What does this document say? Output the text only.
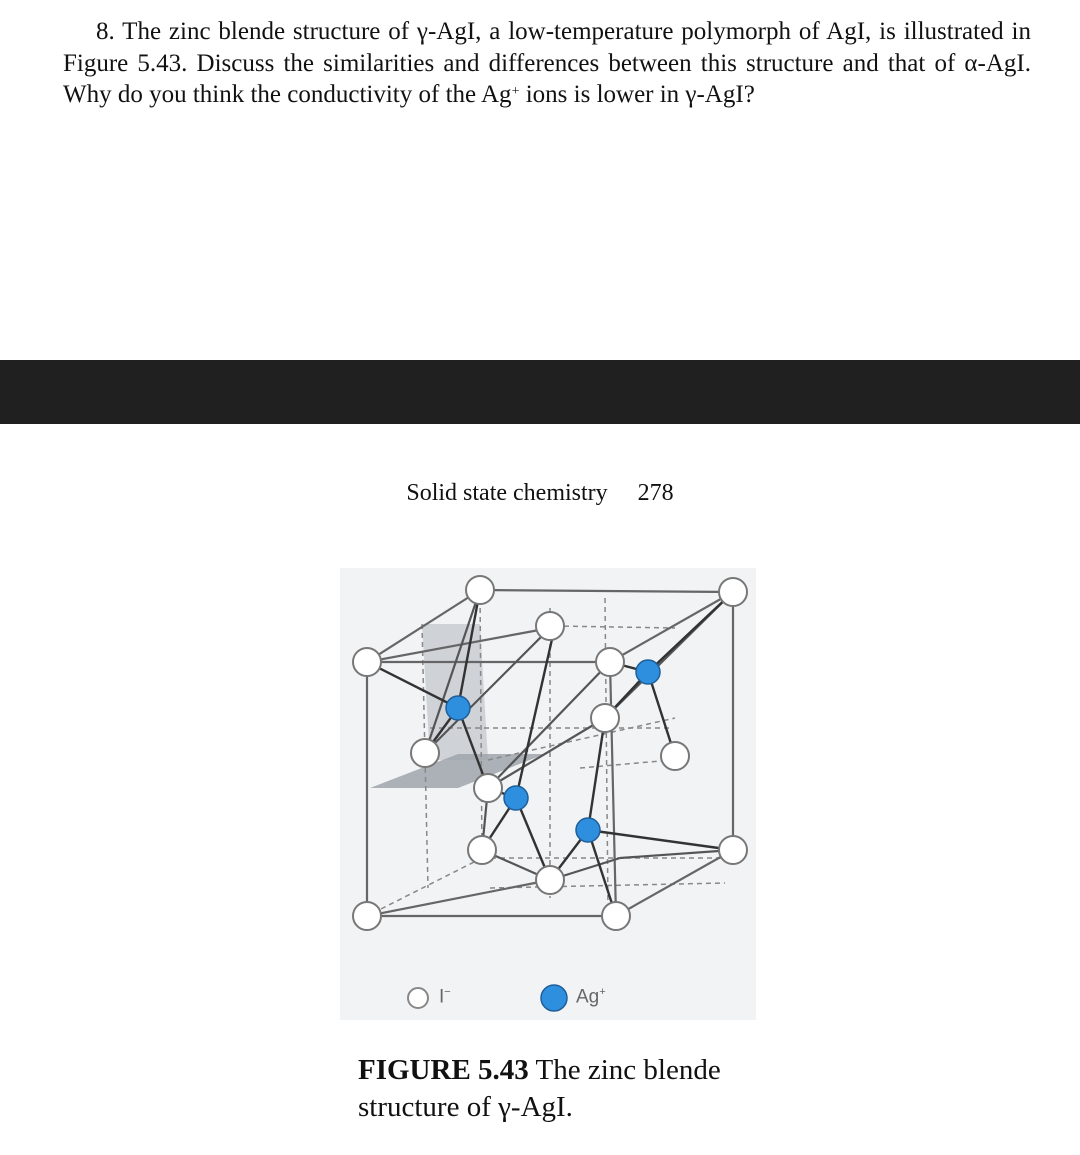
8. The zinc blende structure of γ-AgI, a low-temperature polymorph of AgI, is illustrated in Figure 5.43. Discuss the similarities and differences between this structure and that of α-AgI. Why do you think the conductivity of the Ag+ ions is lower in γ-AgI?
Solid state chemistry 278
I−	Ag+
FIGURE 5.43 The zinc blende structure of γ-AgI.
